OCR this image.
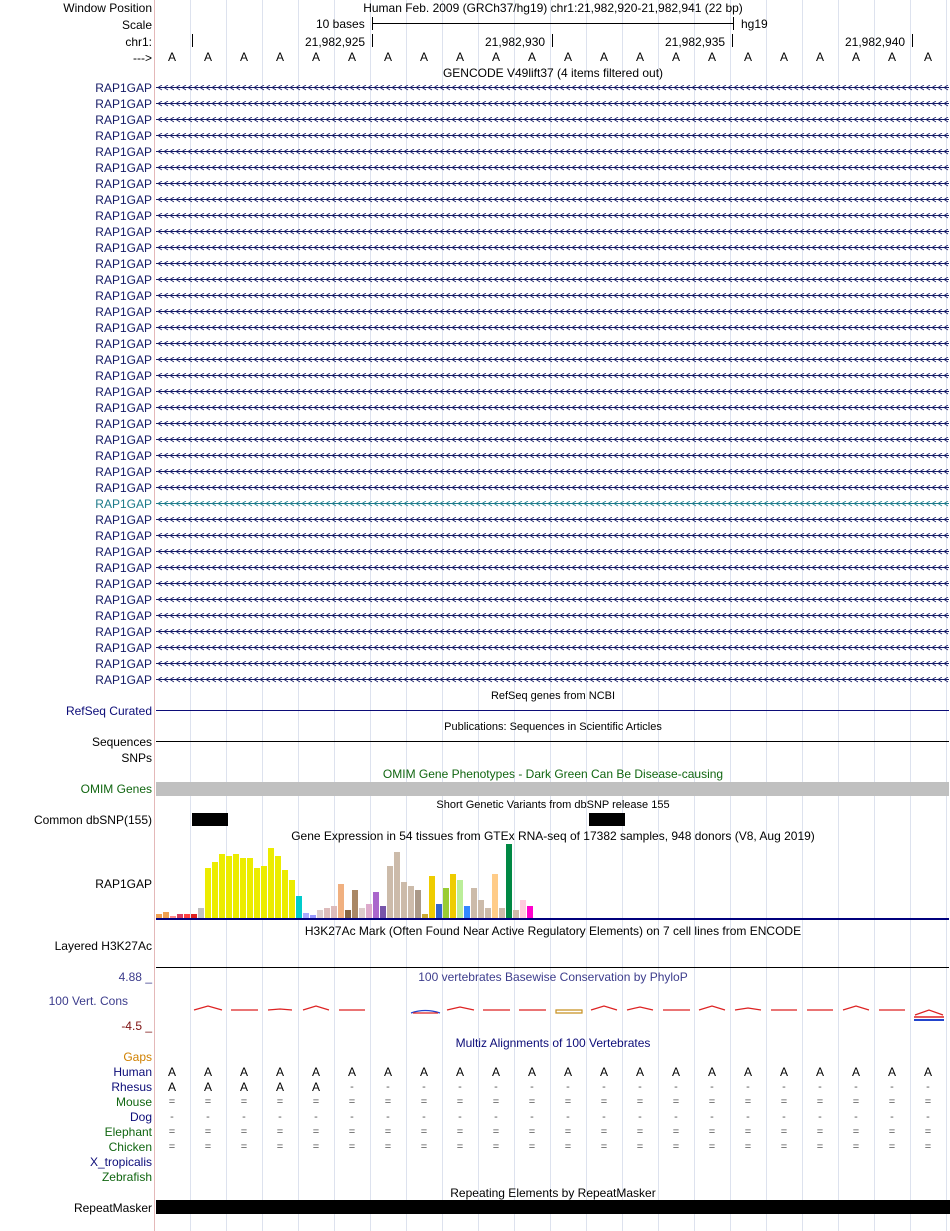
Window Position	Human Feb. 2009 (GRCh37/hg19) chr1:21,982,920-21,982,941 (22 bp)
Scale	10 bases	hg19
chr1:	21,982,925	21,982,930	21,982,935	21,982,940
---> A A A A A A A A A A A A A A A A A A A A A A
GENCODE V49lift37 (4 items filtered out)
RAP1GAP
RAP1GAP
RAP1GAP
RAP1GAP
RAP1GAP
RAP1GAP
RAP1GAP
RAP1GAP
RAP1GAP
RAP1GAP
RAP1GAP
RAP1GAP
RAP1GAP
RAP1GAP
RAP1GAP
RAP1GAP
RAP1GAP
RAP1GAP
RAP1GAP
RAP1GAP
RAP1GAP
RAP1GAP
RAP1GAP
RAP1GAP
RAP1GAP
RAP1GAP
RAP1GAP
RAP1GAP
RAP1GAP
RAP1GAP
RAP1GAP
RAP1GAP
RAP1GAP
RAP1GAP
RAP1GAP
RAP1GAP
RAP1GAP
RAP1GAP
RefSeq genes from NCBI
RefSeq Curated
Publications: Sequences in Scientific Articles
Sequences
SNPs
OMIM Gene Phenotypes - Dark Green Can Be Disease-causing
OMIM Genes
Short Genetic Variants from dbSNP release 155
Common dbSNP(155)
Gene Expression in 54 tissues from GTEx RNA-seq of 17382 samples, 948 donors (V8, Aug 2019)
RAP1GAP
H3K27Ac Mark (Often Found Near Active Regulatory Elements) on 7 cell lines from ENCODE
Layered H3K27Ac
100 vertebrates Basewise Conservation by PhyloP
4.88 _
100 Vert. Cons
-4.5 _
Multiz Alignments of 100 Vertebrates
Gaps
Human A A A A A A A A A A A A A A A A A A A A A A
Rhesus A A A A A	-	-	-	-	-	-	-	-	-	-	-	-	-	-	-	-	-
Mouse	=	=	=	=	=	=	=	=	=	=	=	=	=	=	=	=	=	=	=	=	=	=
Dog	-	-	-	-	-	-	-	-	-	-	-	-	-	-	-	-	-	-	-	-	-	-
Elephant	=	=	=	=	=	=	=	=	=	=	=	=	=	=	=	=	=	=	=	=	=	=
Chicken	=	=	=	=	=	=	=	=	=	=	=	=	=	=	=	=	=	=	=	=	=	=
X_tropicalis
Zebrafish
Repeating Elements by RepeatMasker
RepeatMasker
